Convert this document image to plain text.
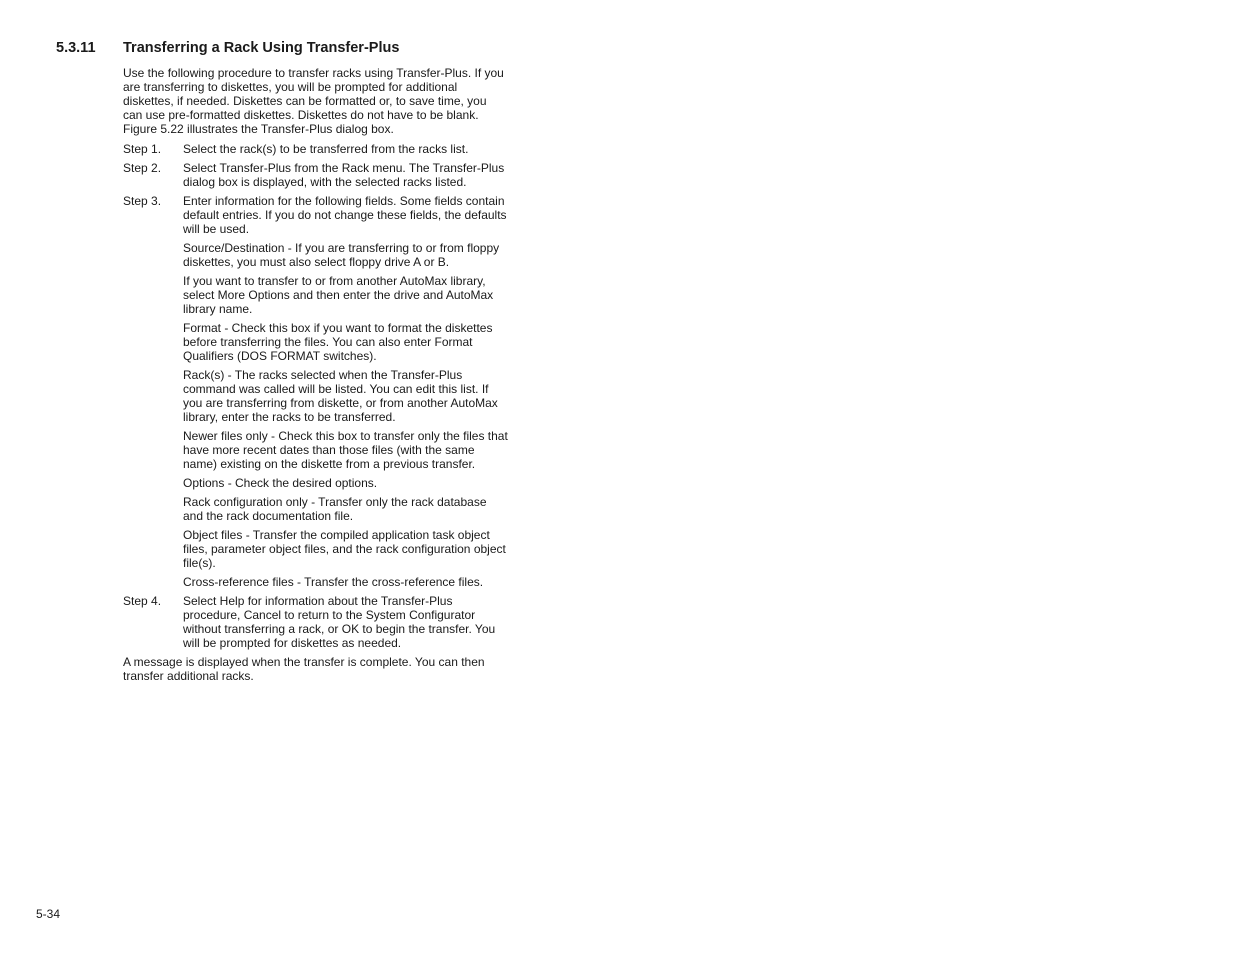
5.3.11 Transferring a Rack Using Transfer-Plus

Use the following procedure to transfer racks using Transfer-Plus. If you are transferring to diskettes, you will be prompted for additional diskettes, if needed. Diskettes can be formatted or, to save time, you can use pre-formatted diskettes. Diskettes do not have to be blank. Figure 5.22 illustrates the Transfer-Plus dialog box.

Step 1.	Select the rack(s) to be transferred from the racks list.
Step 2.	Select Transfer-Plus from the Rack menu. The Transfer-Plus dialog box is displayed, with the selected racks listed.
Step 3.	Enter information for the following fields. Some fields contain default entries. If you do not change these fields, the defaults will be used.
Source/Destination - If you are transferring to or from floppy diskettes, you must also select floppy drive A or B.
If you want to transfer to or from another AutoMax library, select More Options and then enter the drive and AutoMax library name.
Format - Check this box if you want to format the diskettes before transferring the files. You can also enter Format Qualifiers (DOS FORMAT switches).
Rack(s) - The racks selected when the Transfer-Plus command was called will be listed. You can edit this list. If you are transferring from diskette, or from another AutoMax library, enter the racks to be transferred.
Newer files only - Check this box to transfer only the files that have more recent dates than those files (with the same name) existing on the diskette from a previous transfer.
Options - Check the desired options.
Rack configuration only - Transfer only the rack database and the rack documentation file.
Object files - Transfer the compiled application task object files, parameter object files, and the rack configuration object file(s).
Cross-reference files - Transfer the cross-reference files.
Step 4.	Select Help for information about the Transfer-Plus procedure, Cancel to return to the System Configurator without transferring a rack, or OK to begin the transfer. You will be prompted for diskettes as needed.

A message is displayed when the transfer is complete. You can then transfer additional racks.

5-34
